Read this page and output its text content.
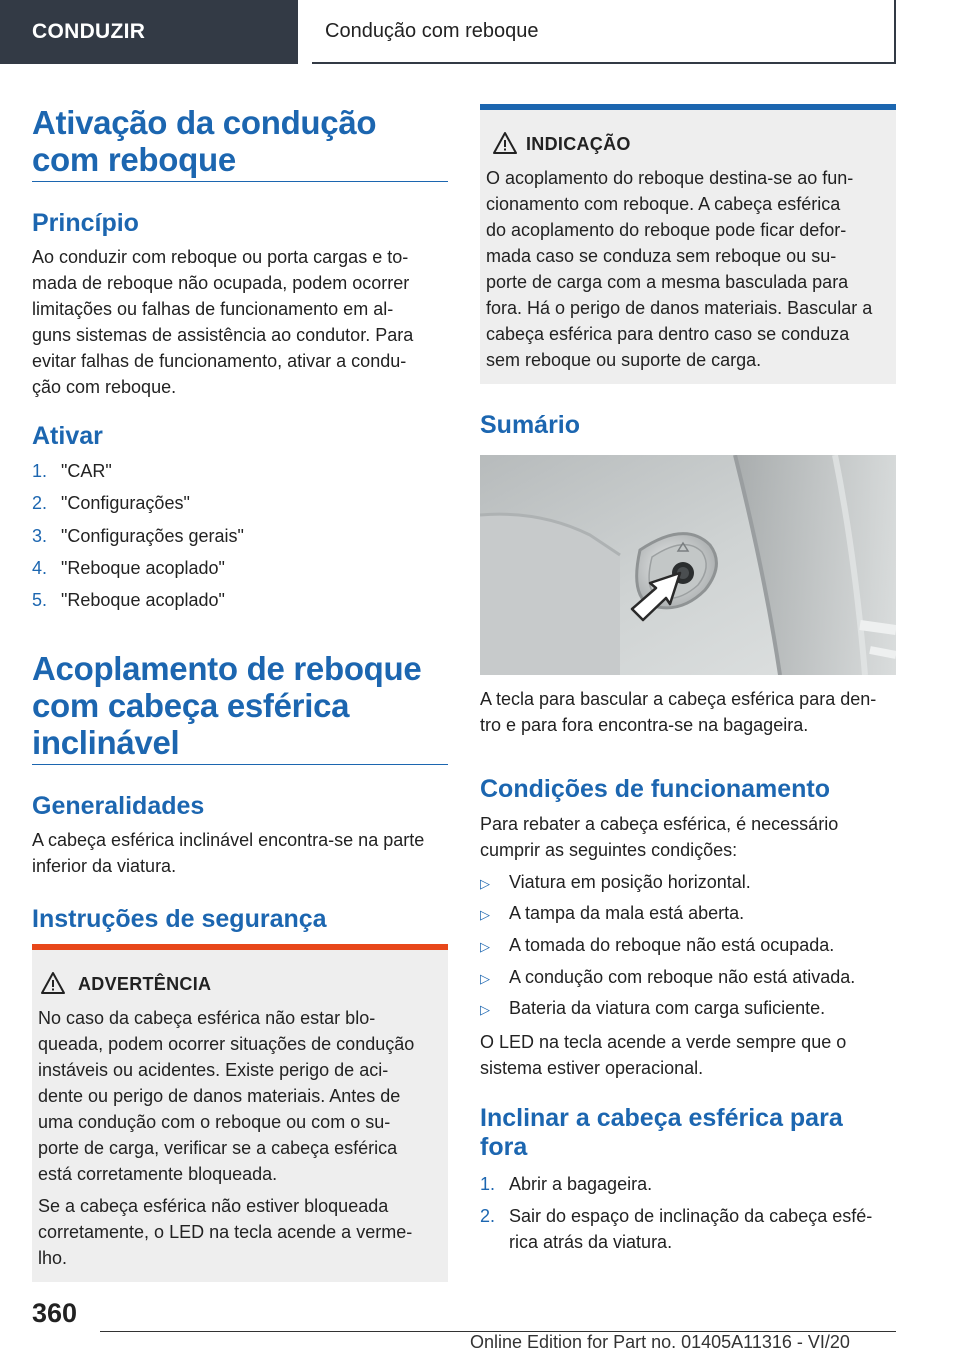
CONDUZIR	Condução com reboque
Ativação da condução com reboque
Princípio
Ao conduzir com reboque ou porta cargas e to-
mada de reboque não ocupada, podem ocorrer
limitações ou falhas de funcionamento em al-
guns sistemas de assistência ao condutor. Para
evitar falhas de funcionamento, ativar a condu-
ção com reboque.
Ativar
1. "CAR"
2. "Configurações"
3. "Configurações gerais"
4. "Reboque acoplado"
5. "Reboque acoplado"
Acoplamento de reboque
com cabeça esférica
inclinável
Generalidades
A cabeça esférica inclinável encontra-se na parte
inferior da viatura.
Instruções de segurança
ADVERTÊNCIA
No caso da cabeça esférica não estar blo-
queada, podem ocorrer situações de condução
instáveis ou acidentes. Existe perigo de aci-
dente ou perigo de danos materiais. Antes de
uma condução com o reboque ou com o su-
porte de carga, verificar se a cabeça esférica
está corretamente bloqueada.
Se a cabeça esférica não estiver bloqueada
corretamente, o LED na tecla acende a verme-
lho.
INDICAÇÃO
O acoplamento do reboque destina-se ao fun-
cionamento com reboque. A cabeça esférica
do acoplamento do reboque pode ficar defor-
mada caso se conduza sem reboque ou su-
porte de carga com a mesma basculada para
fora. Há o perigo de danos materiais. Bascular a
cabeça esférica para dentro caso se conduza
sem reboque ou suporte de carga.
Sumário
A tecla para bascular a cabeça esférica para den-
tro e para fora encontra-se na bagageira.
Condições de funcionamento
Para rebater a cabeça esférica, é necessário
cumprir as seguintes condições:
▷ Viatura em posição horizontal.
▷ A tampa da mala está aberta.
▷ A tomada do reboque não está ocupada.
▷ A condução com reboque não está ativada.
▷ Bateria da viatura com carga suficiente.
O LED na tecla acende a verde sempre que o
sistema estiver operacional.
Inclinar a cabeça esférica para
fora
1. Abrir a bagageira.
2. Sair do espaço de inclinação da cabeça esfé-
rica atrás da viatura.
360
Online Edition for Part no. 01405A11316 - VI/20
